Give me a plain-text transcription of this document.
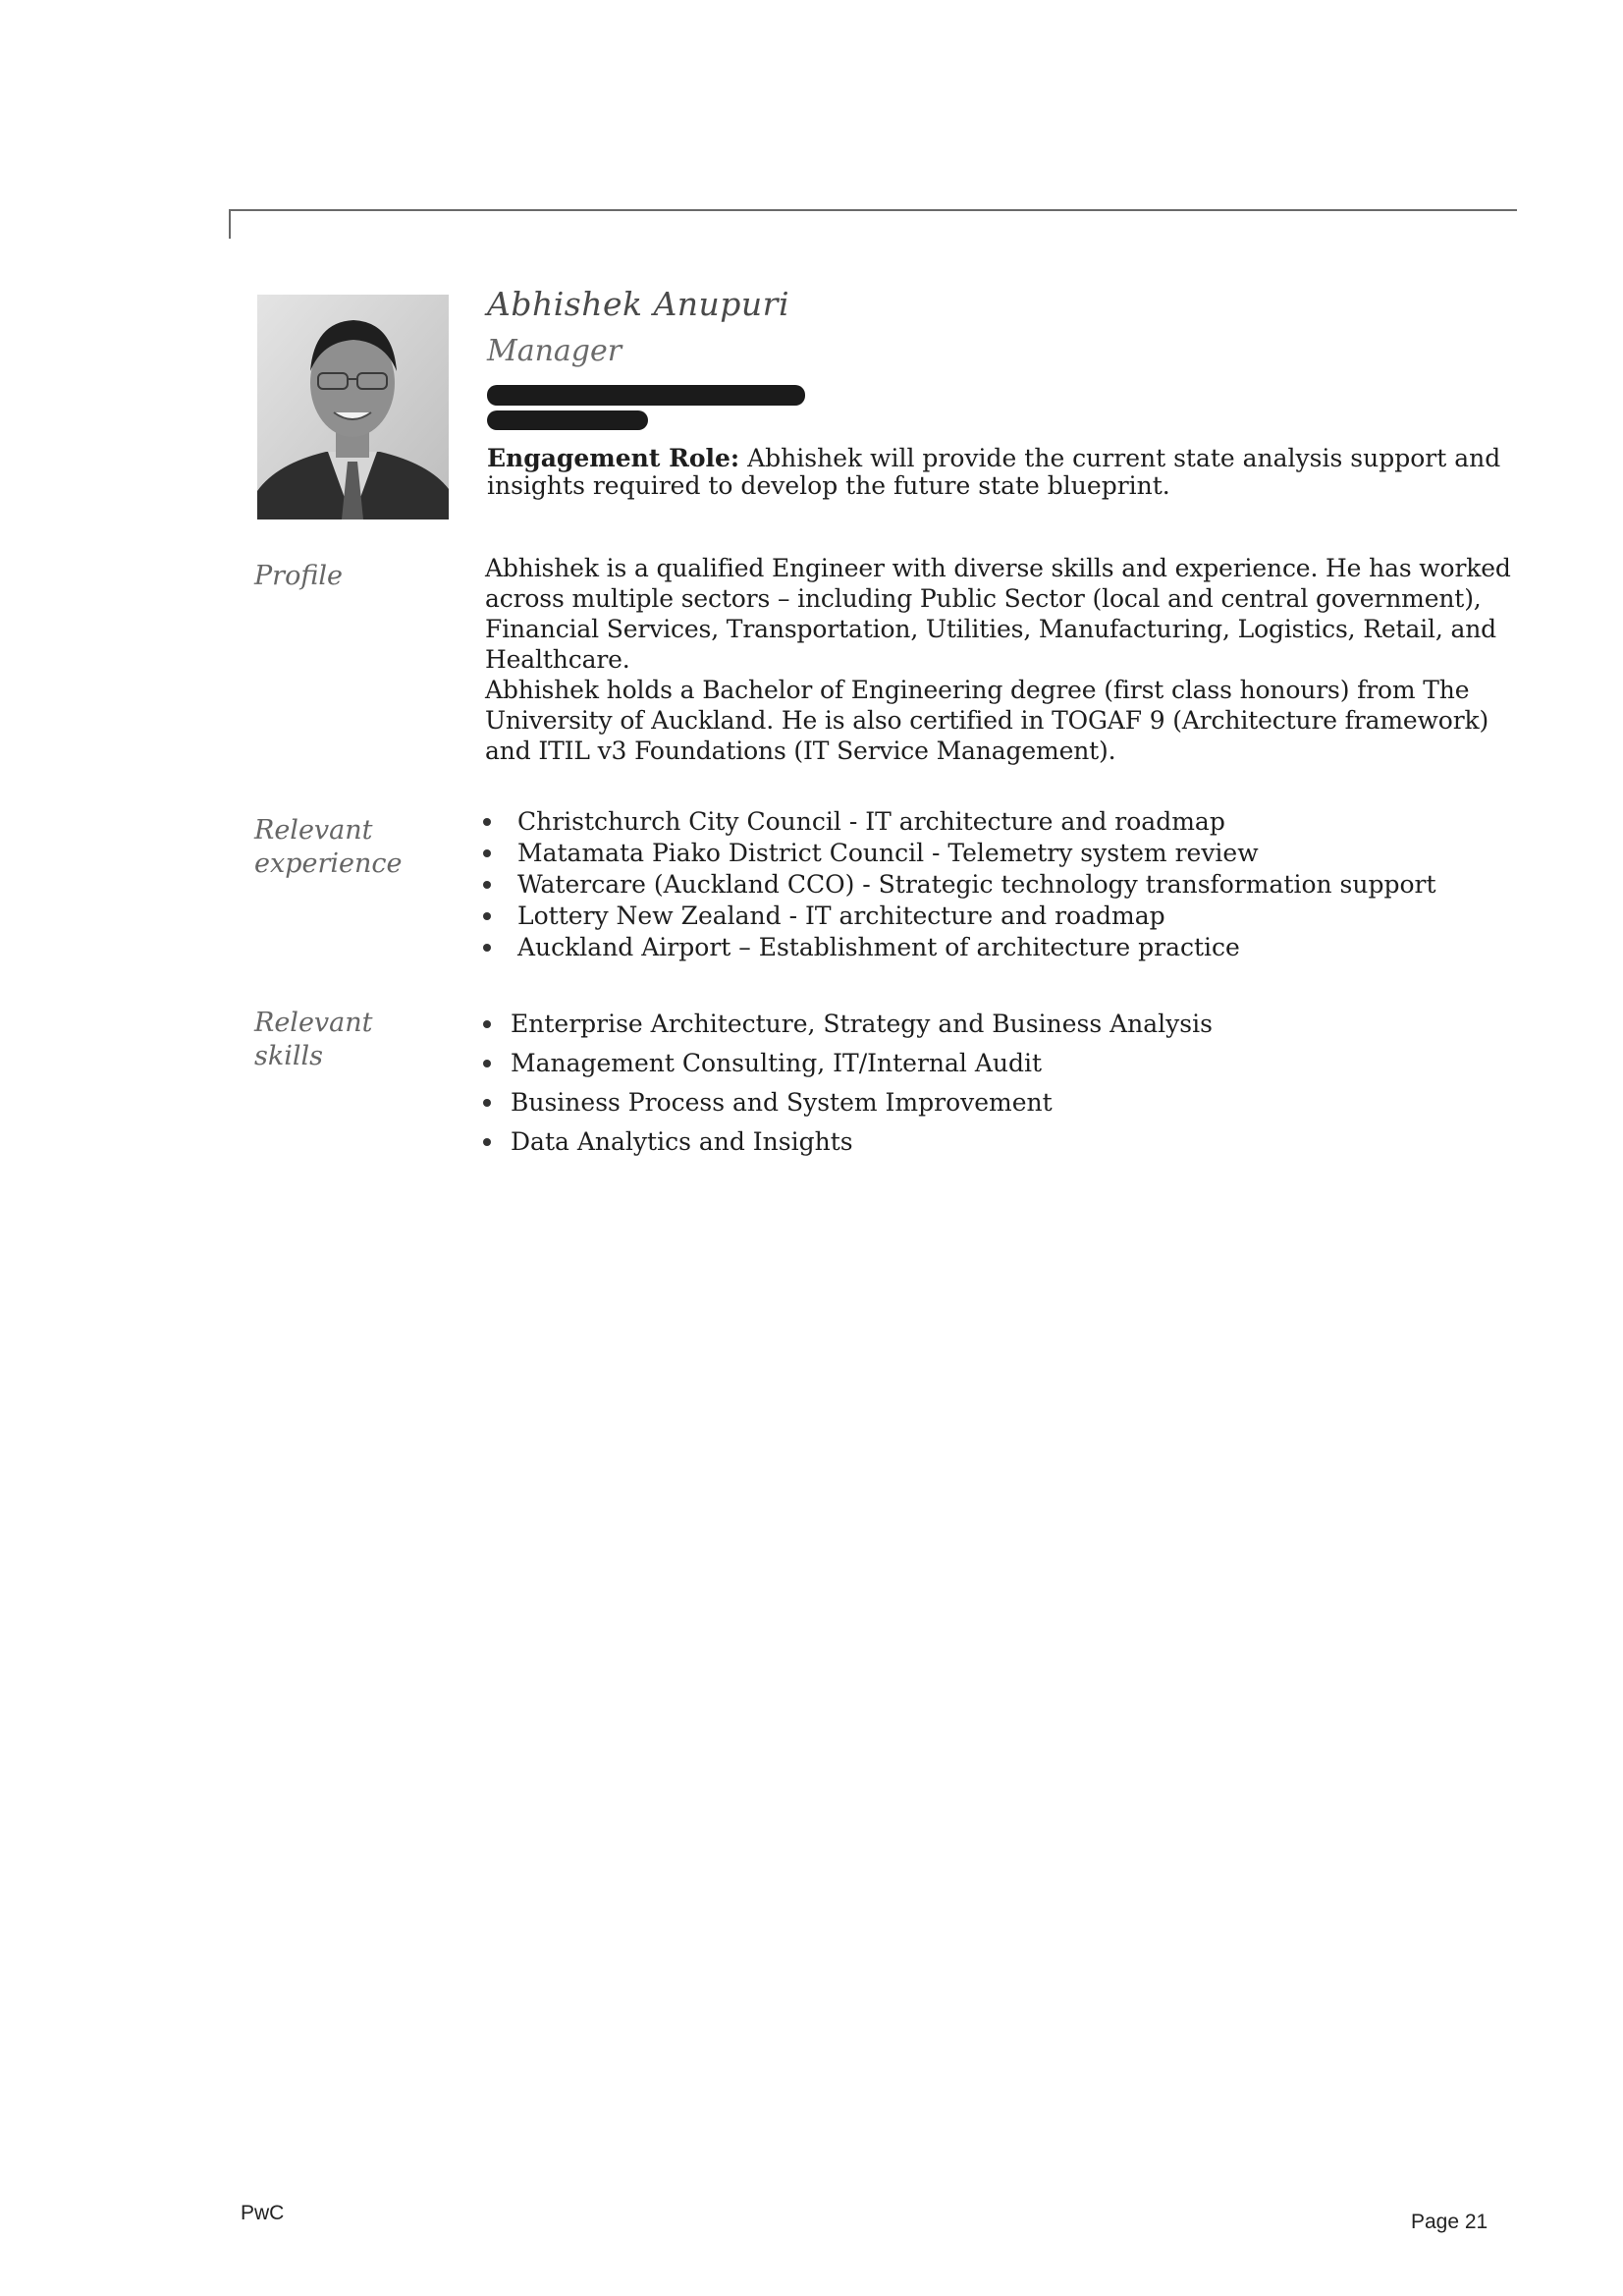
Abhishek Anupuri
Manager

Engagement Role: Abhishek will provide the current state analysis support and insights required to develop the future state blueprint.

Profile	Abhishek is a qualified Engineer with diverse skills and experience. He has worked across multiple sectors – including Public Sector (local and central government), Financial Services, Transportation, Utilities, Manufacturing, Logistics, Retail, and Healthcare.

Abhishek holds a Bachelor of Engineering degree (first class honours) from The University of Auckland. He is also certified in TOGAF 9 (Architecture framework) and ITIL v3 Foundations (IT Service Management).

Relevant
experience
Christchurch City Council - IT architecture and roadmap
Matamata Piako District Council - Telemetry system review
Watercare (Auckland CCO) - Strategic technology transformation support
Lottery New Zealand - IT architecture and roadmap
Auckland Airport – Establishment of architecture practice
Relevant
skills
Enterprise Architecture, Strategy and Business Analysis
Management Consulting, IT/Internal Audit
Business Process and System Improvement
Data Analytics and Insights
PwC	Page 21
